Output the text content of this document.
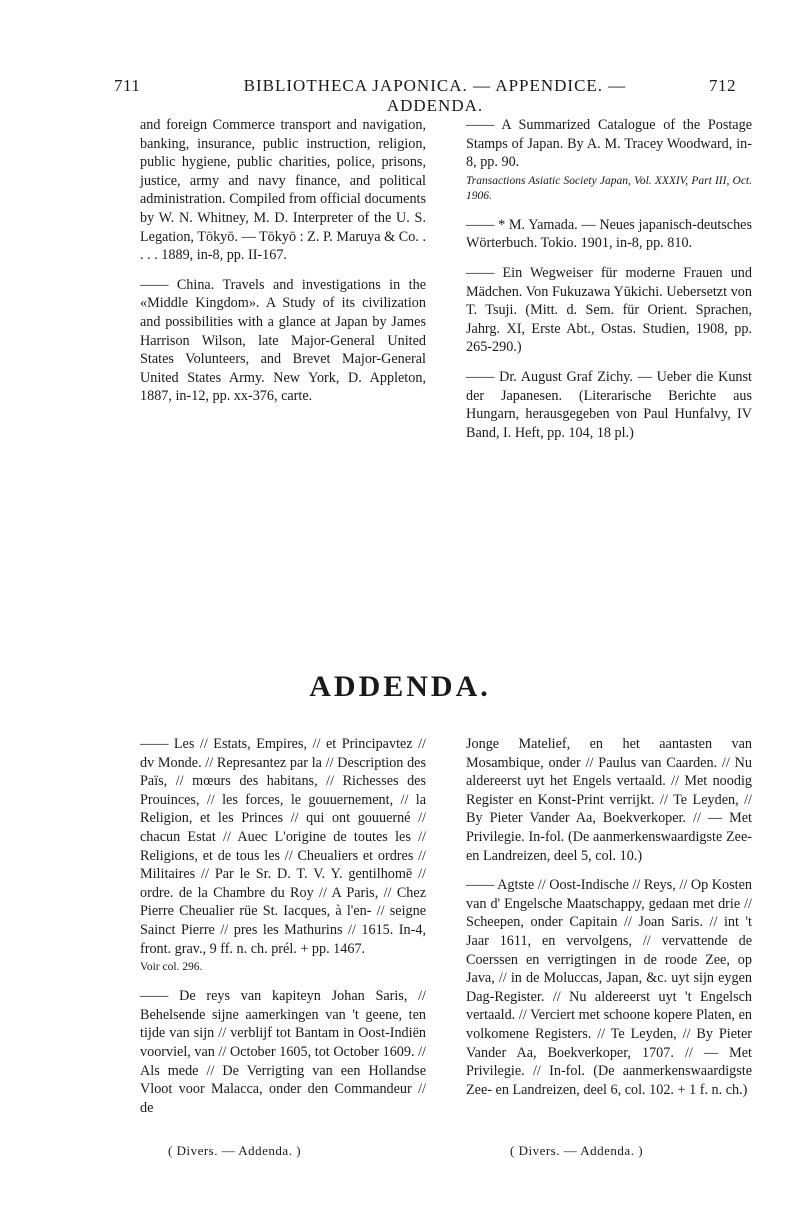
711	BIBLIOTHECA JAPONICA. — APPENDICE. — ADDENDA.
712

and foreign Commerce transport and navigation, banking, insurance, public instruction, religion, public hygiene, public charities, police, prisons, justice, army and navy finance, and political administration. Compiled from official documents by W. N. Whitney, M. D. Interpreter of the U. S. Legation, Tōkyō. — Tōkyō : Z. P. Maruya & Co. . . . . 1889, in-8, pp. II-167.

—— China. Travels and investigations in the «Middle Kingdom». A Study of its civilization and possibilities with a glance at Japan by James Harrison Wilson, late Major-General United States Volunteers, and Brevet Major-General United States Army. New York, D. Appleton, 1887, in-12, pp. xx-376, carte.

—— A Summarized Catalogue of the Postage Stamps of Japan. By A. M. Tracey Woodward, in-8, pp. 90.

Transactions Asiatic Society Japan, Vol. XXXIV, Part III, Oct. 1906.

—— * M. Yamada. — Neues japanisch-deutsches Wörterbuch. Tokio. 1901, in-8, pp. 810.

—— Ein Wegweiser für moderne Frauen und Mädchen. Von Fukuzawa Yūkichi. Uebersetzt von T. Tsuji. (Mitt. d. Sem. für Orient. Sprachen, Jahrg. XI, Erste Abt., Ostas. Studien, 1908, pp. 265-290.)

—— Dr. August Graf Zichy. — Ueber die Kunst der Japanesen. (Literarische Berichte aus Hungarn, herausgegeben von Paul Hunfalvy, IV Band, I. Heft, pp. 104, 18 pl.)

ADDENDA.

—— Les // Estats, Empires, // et Principavtez // dv Monde. // Represantez par la // Description des Païs, // mœurs des habitans, // Richesses des Prouinces, // les forces, le gouuernement, // la Religion, et les Princes // qui ont gouuerné // chacun Estat // Auec L'origine de toutes les // Religions, et de tous les // Cheualiers et ordres // Militaires // Par le Sr. D. T. V. Y. gentilhomē // ordre. de la Chambre du Roy // A Paris, // Chez Pierre Cheualier rüe St. Iacques, à l'en- // seigne Sainct Pierre // pres les Mathurins // 1615. In-4, front. grav., 9 ff. n. ch. prél. + pp. 1467.

Voir col. 296.

—— De reys van kapiteyn Johan Saris, // Behelsende sijne aamerkingen van 't geene, ten tijde van sijn // verblijf tot Bantam in Oost-Indiën voorviel, van // October 1605, tot October 1609. // Als mede // De Verrigting van een Hollandse Vloot voor Malacca, onder den Commandeur // de

Jonge Matelief, en het aantasten van Mosambique, onder // Paulus van Caarden. // Nu aldereerst uyt het Engels vertaald. // Met noodig Register en Konst-Print verrijkt. // Te Leyden, // By Pieter Vander Aa, Boekverkoper. // — Met Privilegie. In-fol. (De aanmerkenswaardigste Zee- en Landreizen, deel 5, col. 10.)

—— Agtste // Oost-Indische // Reys, // Op Kosten van d' Engelsche Maatschappy, gedaan met drie // Scheepen, onder Capitain // Joan Saris. // int 't Jaar 1611, en vervolgens, // vervattende de Coerssen en verrigtingen in de roode Zee, op Java, // in de Moluccas, Japan, &c. uyt sijn eygen Dag-Register. // Nu aldereerst uyt 't Engelsch vertaald. // Verciert met schoone kopere Platen, en volkomene Registers. // Te Leyden, // By Pieter Vander Aa, Boekverkoper, 1707. // — Met Privilegie. // In-fol. (De aanmerkenswaardigste Zee- en Landreizen, deel 6, col. 102. + 1 f. n. ch.)

( Divers. — Addenda. )	( Divers. — Addenda. )
